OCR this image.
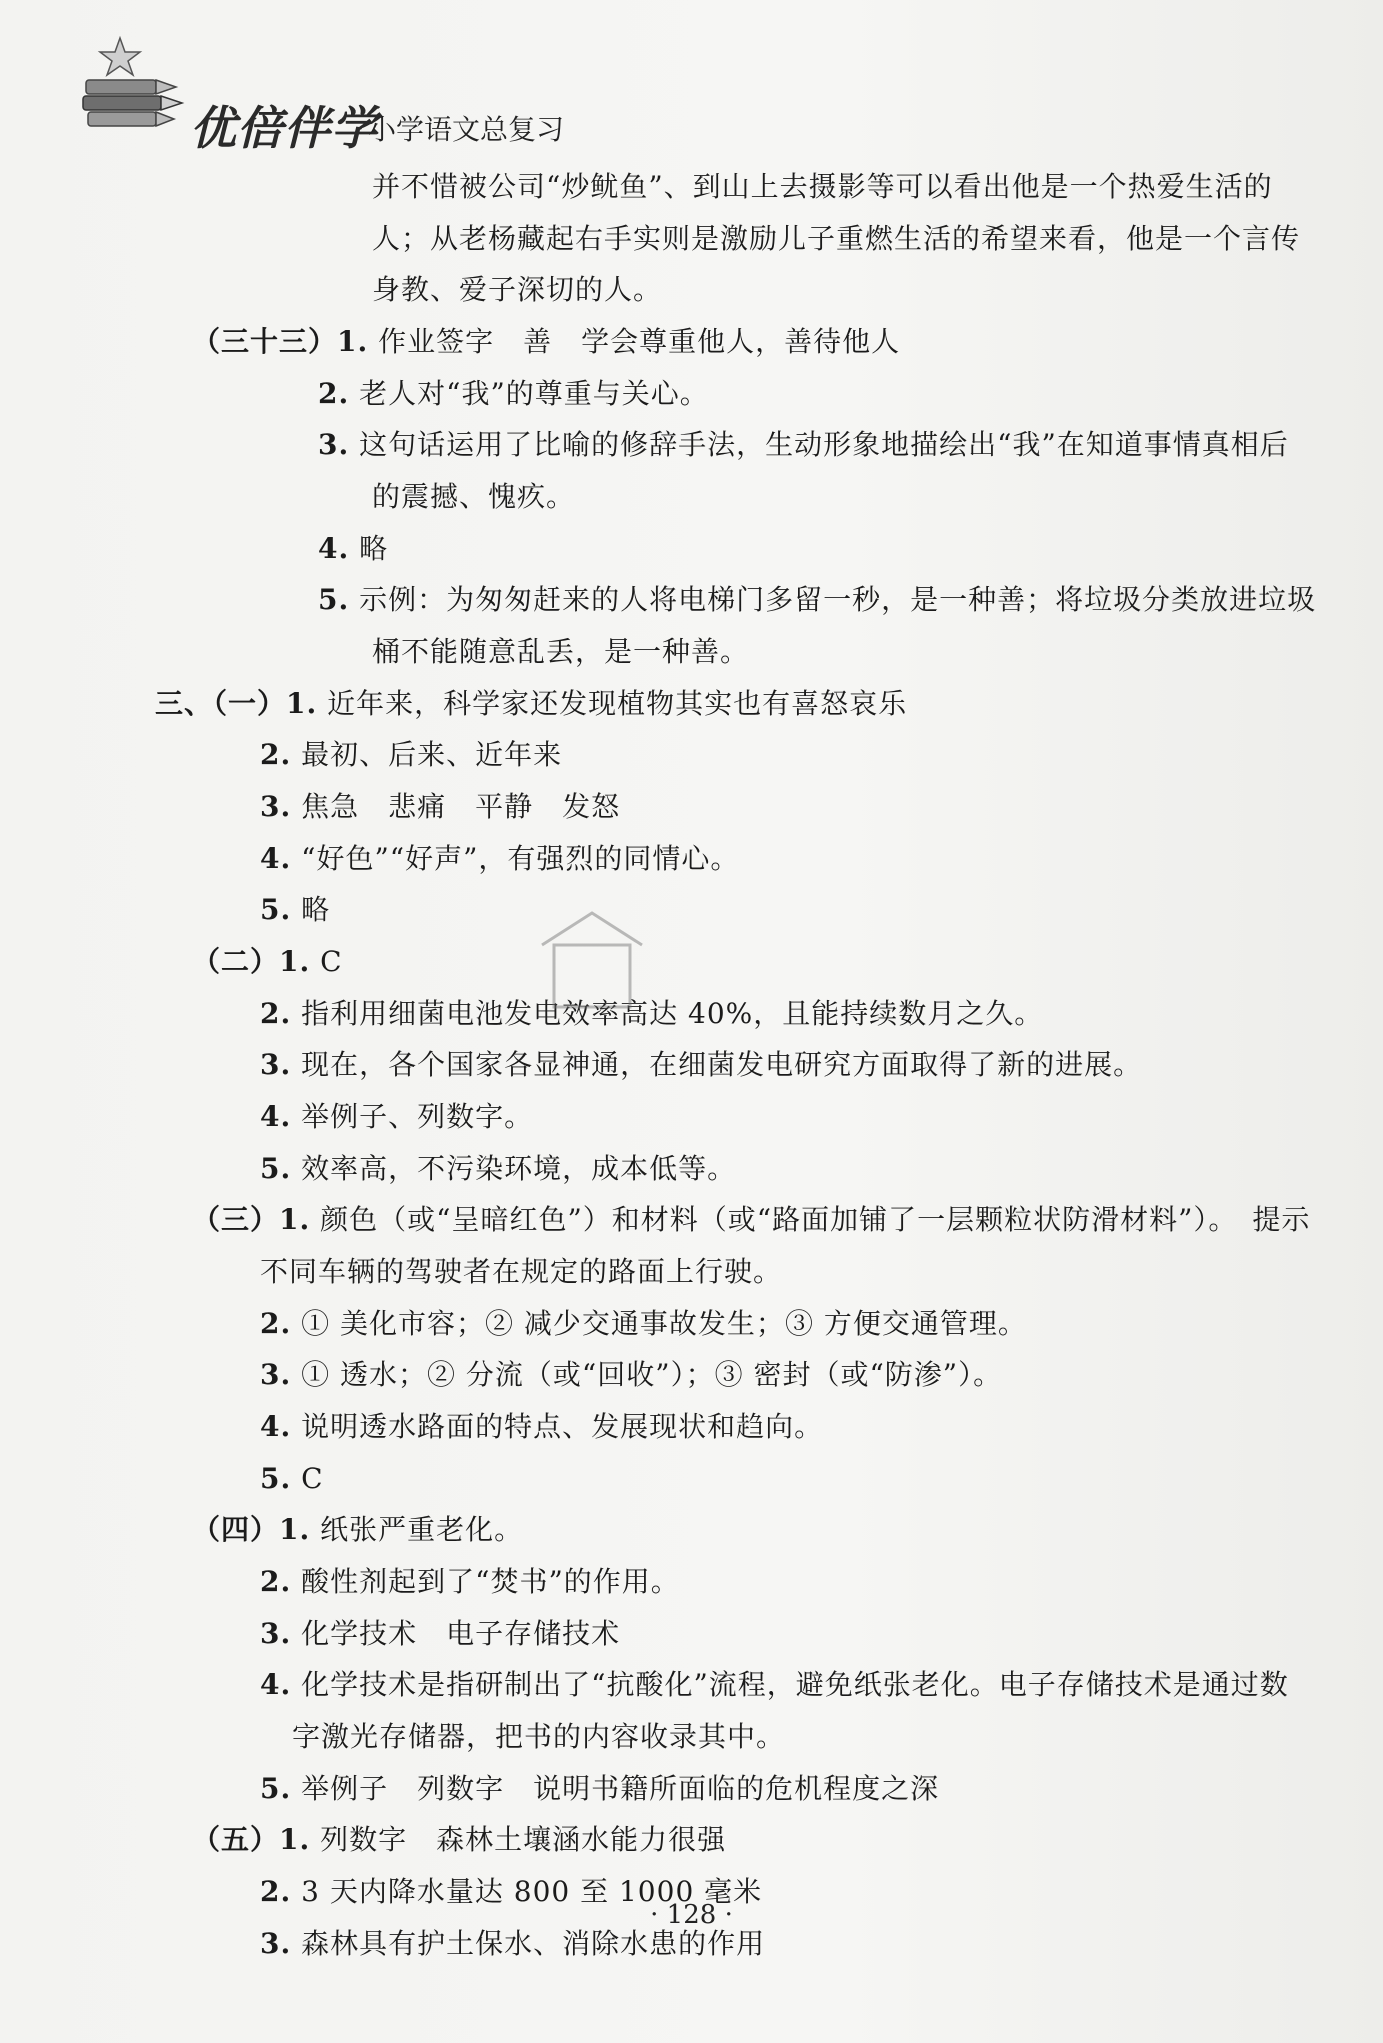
优倍伴学
小学语文总复习
并不惜被公司“炒鱿鱼”、到山上去摄影等可以看出他是一个热爱生活的
人；从老杨藏起右手实则是激励儿子重燃生活的希望来看，他是一个言传
身教、爱子深切的人。
（三十三）1. 作业签字　善　学会尊重他人，善待他人
2. 老人对“我”的尊重与关心。
3. 这句话运用了比喻的修辞手法，生动形象地描绘出“我”在知道事情真相后
的震撼、愧疚。
4. 略
5. 示例：为匆匆赶来的人将电梯门多留一秒，是一种善；将垃圾分类放进垃圾
桶不能随意乱丢，是一种善。
三、（一）1. 近年来，科学家还发现植物其实也有喜怒哀乐
2. 最初、后来、近年来
3. 焦急　悲痛　平静　发怒
4. “好色”“好声”，有强烈的同情心。
5. 略
（二）1. C
2. 指利用细菌电池发电效率高达 40%，且能持续数月之久。
3. 现在，各个国家各显神通，在细菌发电研究方面取得了新的进展。
4. 举例子、列数字。
5. 效率高，不污染环境，成本低等。
（三）1. 颜色（或“呈暗红色”）和材料（或“路面加铺了一层颗粒状防滑材料”）。　提示
不同车辆的驾驶者在规定的路面上行驶。
2. ① 美化市容；② 减少交通事故发生；③ 方便交通管理。
3. ① 透水；② 分流（或“回收”）；③ 密封（或“防渗”）。
4. 说明透水路面的特点、发展现状和趋向。
5. C
（四）1. 纸张严重老化。
2. 酸性剂起到了“焚书”的作用。
3. 化学技术　电子存储技术
4. 化学技术是指研制出了“抗酸化”流程，避免纸张老化。电子存储技术是通过数
字激光存储器，把书的内容收录其中。
5. 举例子　列数字　说明书籍所面临的危机程度之深
（五）1. 列数字　森林土壤涵水能力很强
2. 3 天内降水量达 800 至 1000 毫米
3. 森林具有护土保水、消除水患的作用
· 128 ·
